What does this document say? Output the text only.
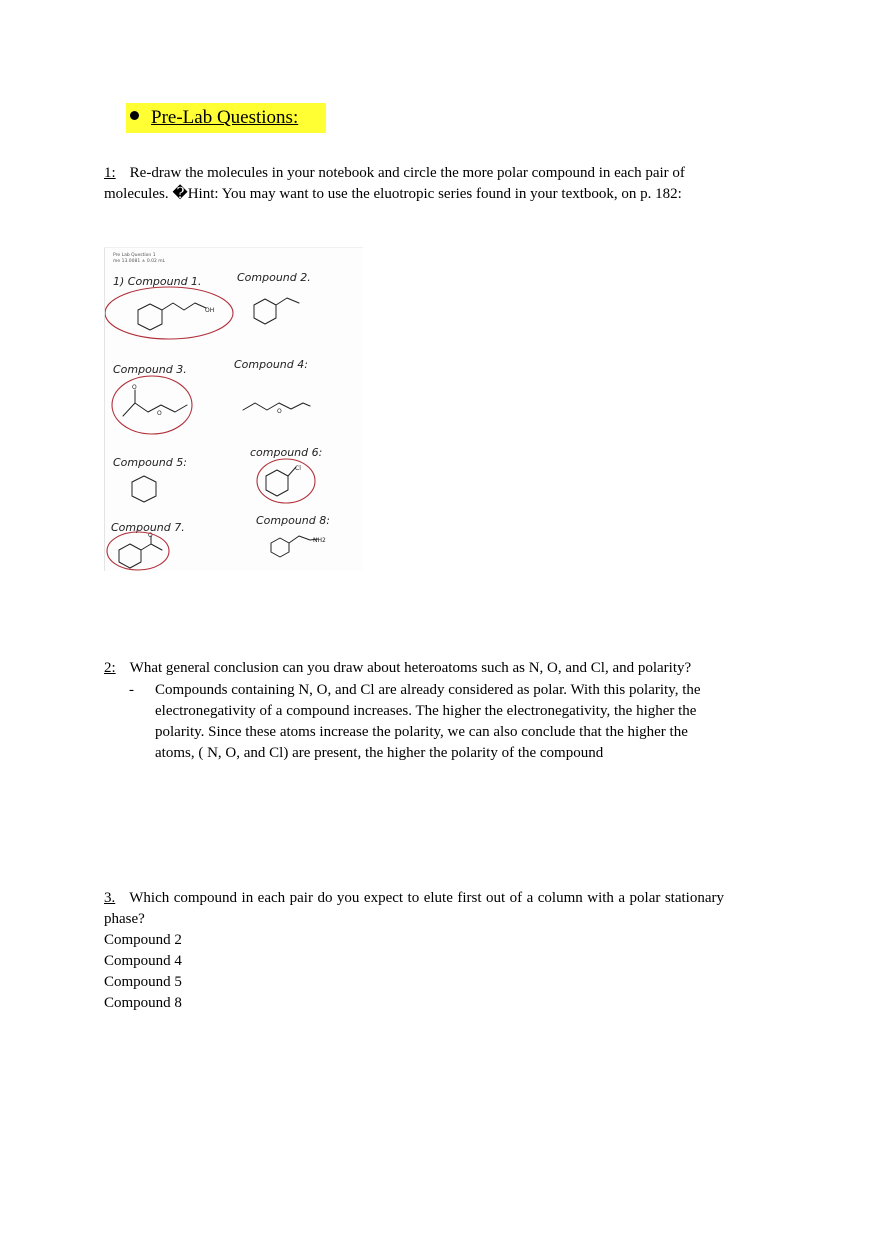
Pre-Lab Questions:
1: Re-draw the molecules in your notebook and circle the more polar compound in each pair of molecules. �Hint: You may want to use the eluotropic series found in your textbook, on p. 182:
Pre Lab Question 1
me 13.0081 ± 0.02 mL
1) Compound 1.	Compound 2.
Compound 3.	Compound 4:
Compound 5:
compound 6:
Compound 7.
Compound 8:
OH
O
O	O
Cl
O
NH2
2: What general conclusion can you draw about heteroatoms such as N, O, and Cl, and polarity?
- Compounds containing N, O, and Cl are already considered as polar. With this polarity, the electronegativity of a compound increases. The higher the electronegativity, the higher the polarity. Since these atoms increase the polarity, we can also conclude that the higher the atoms, ( N, O, and Cl) are present, the higher the polarity of the compound
3. Which compound in each pair do you expect to elute first out of a column with a polar stationary phase?
Compound 2
Compound 4
Compound 5
Compound 8
